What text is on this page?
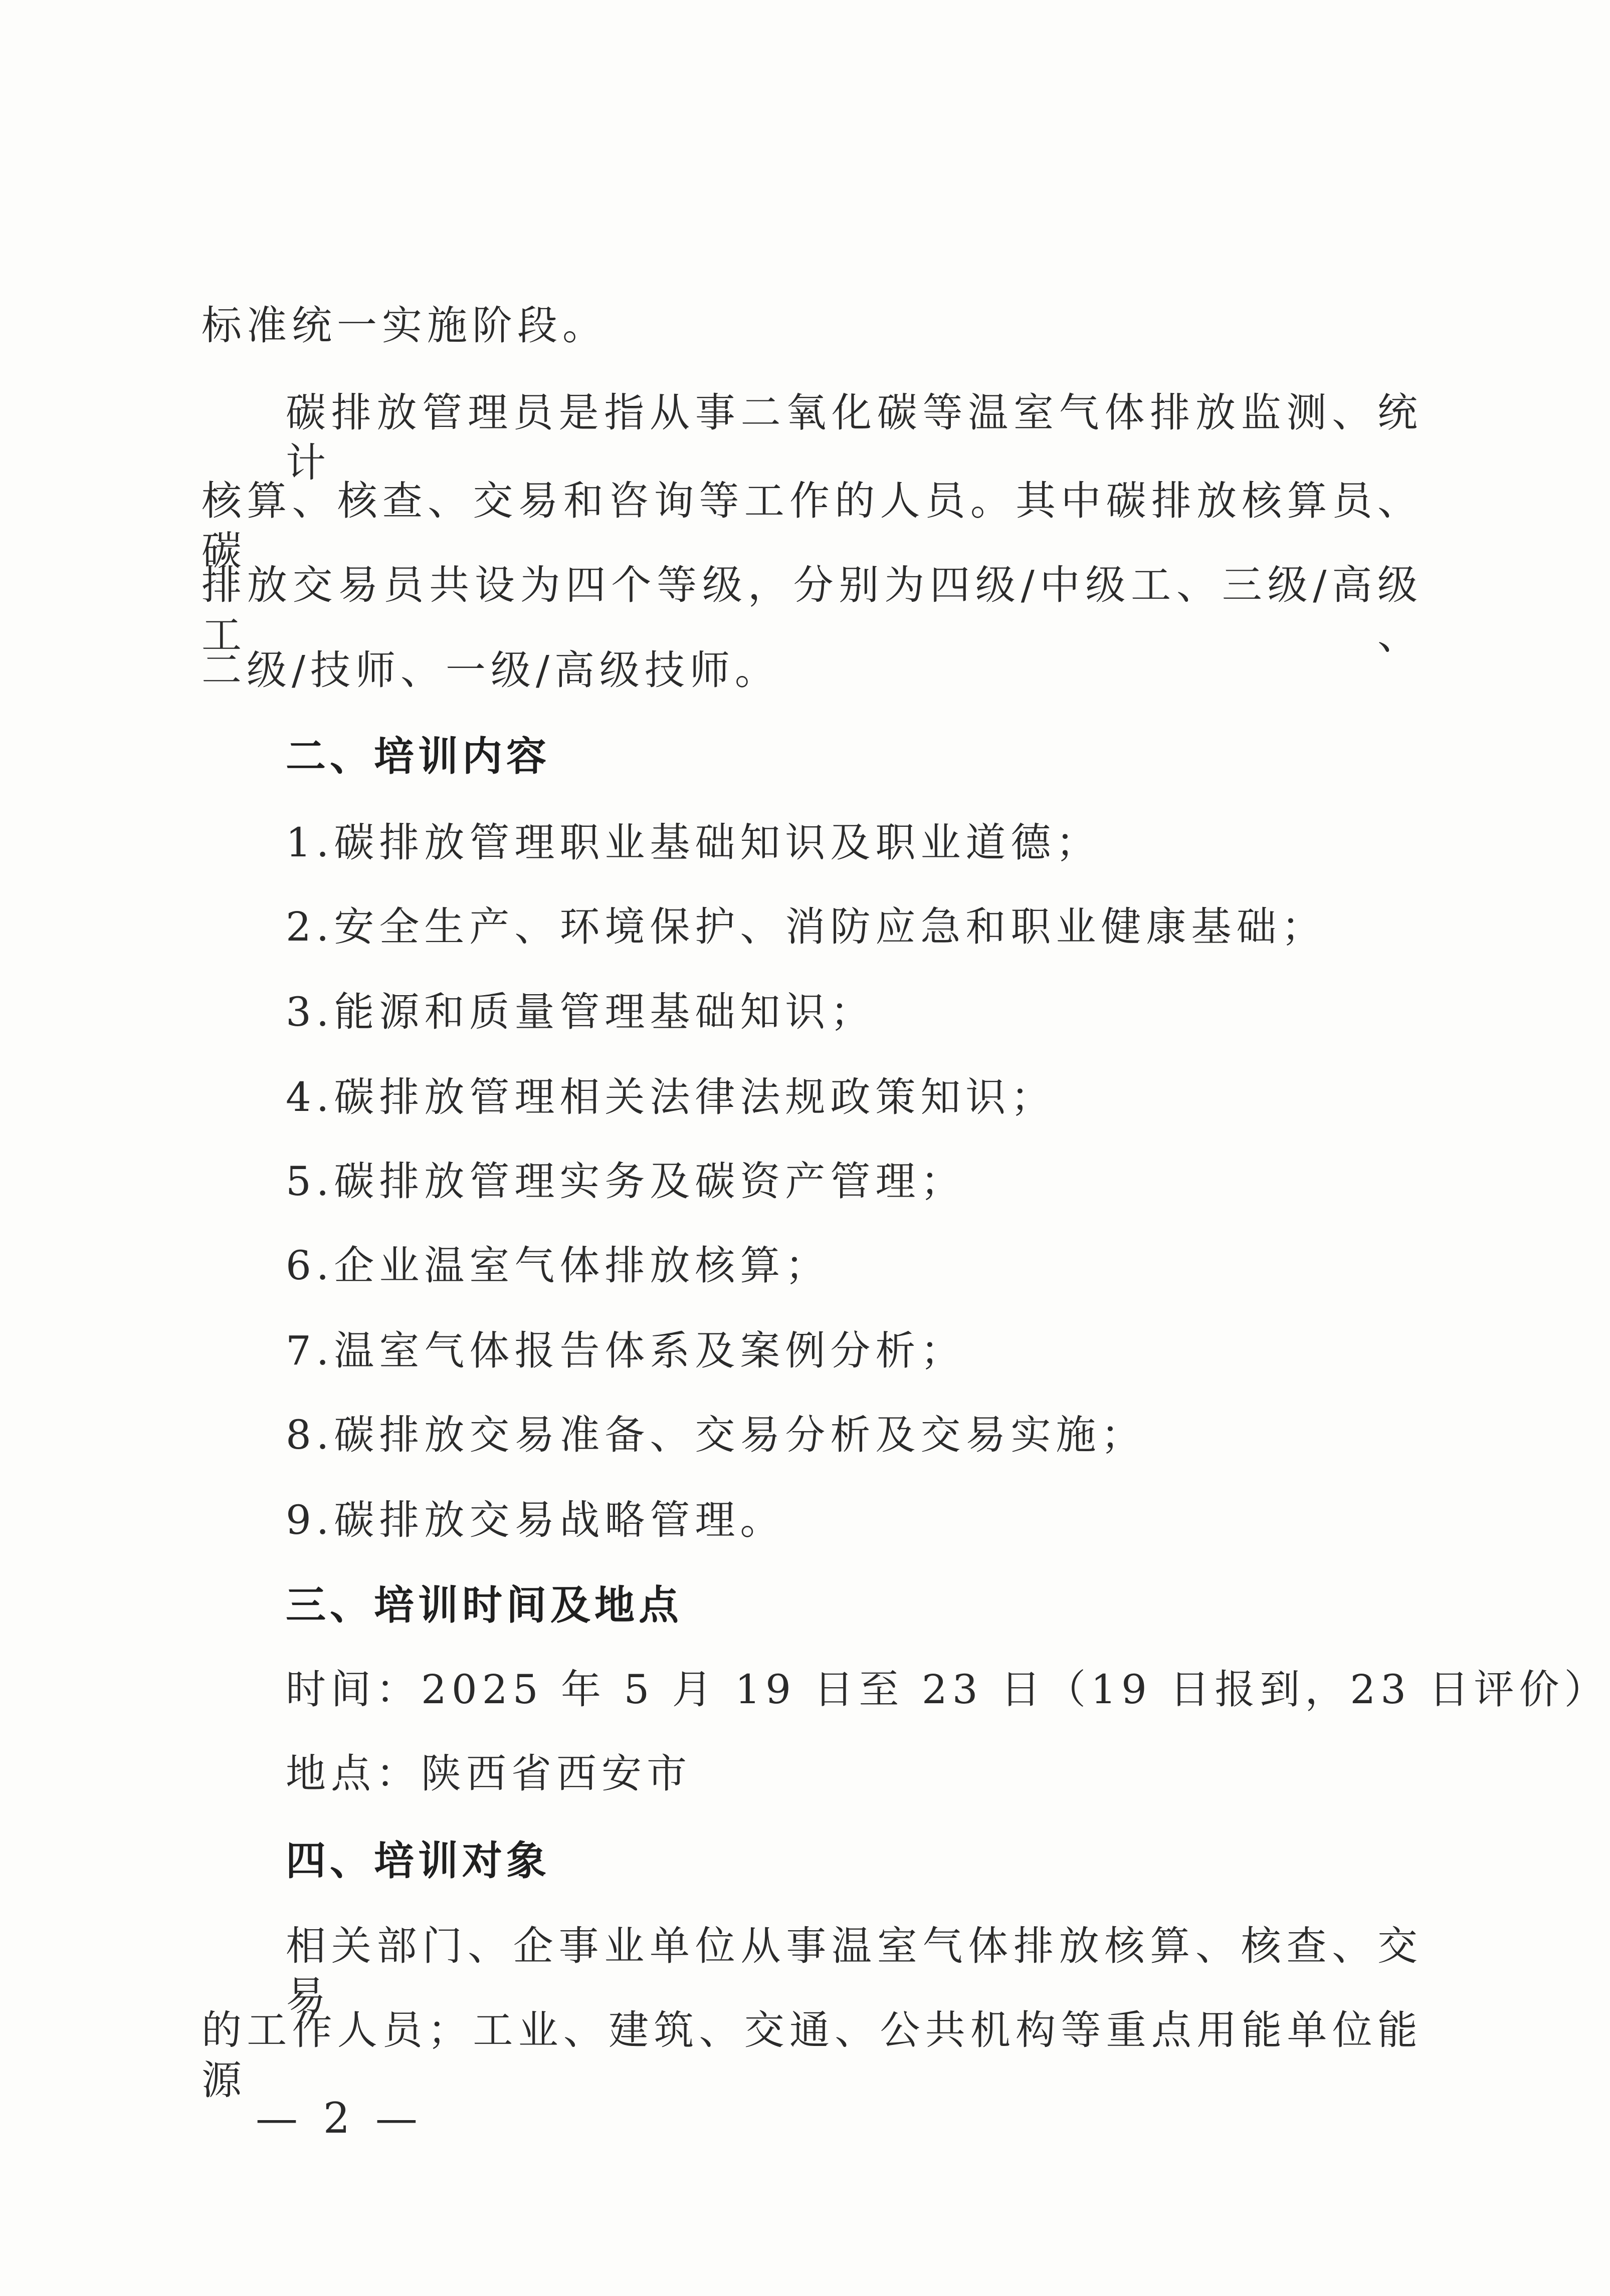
标准统一实施阶段。
碳排放管理员是指从事二氧化碳等温室气体排放监测、统计
核算、核查、交易和咨询等工作的人员。其中碳排放核算员、碳
排放交易员共设为四个等级，分别为四级/中级工、三级/高级工、
二级/技师、一级/高级技师。
二、培训内容
1.碳排放管理职业基础知识及职业道德；
2.安全生产、环境保护、消防应急和职业健康基础；
3.能源和质量管理基础知识；
4.碳排放管理相关法律法规政策知识；
5.碳排放管理实务及碳资产管理；
6.企业温室气体排放核算；
7.温室气体报告体系及案例分析；
8.碳排放交易准备、交易分析及交易实施；
9.碳排放交易战略管理。
三、培训时间及地点
时间：2025 年 5 月 19 日至 23 日（19 日报到，23 日评价）
地点：陕西省西安市
四、培训对象
相关部门、企事业单位从事温室气体排放核算、核查、交易
的工作人员；工业、建筑、交通、公共机构等重点用能单位能源
— 2 —
